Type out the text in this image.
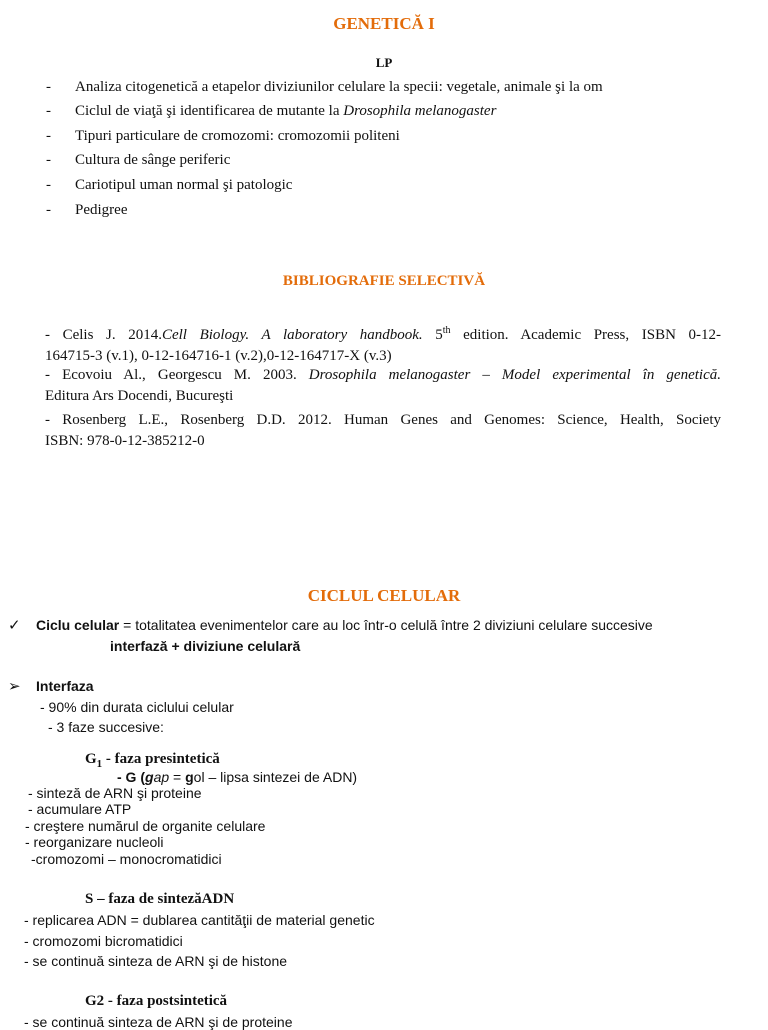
GENETICĂ I
LP
- Analiza citogenetică a etapelor diviziunilor celulare la specii: vegetale, animale şi la om
- Ciclul de viaţă şi identificarea de mutante la Drosophila melanogaster
- Tipuri particulare de cromozomi: cromozomii politeni
- Cultura de sânge periferic
- Cariotipul uman normal şi patologic
- Pedigree
BIBLIOGRAFIE SELECTIVĂ
- Celis J. 2014.Cell Biology. A laboratory handbook. 5th edition. Academic Press, ISBN 0-12-
164715-3 (v.1), 0-12-164716-1 (v.2),0-12-164717-X (v.3)
- Ecovoiu Al., Georgescu M. 2003. Drosophila melanogaster – Model experimental în genetică.
Editura Ars Docendi, Bucureşti
- Rosenberg L.E., Rosenberg D.D. 2012. Human Genes and Genomes: Science, Health, Society
ISBN: 978-0-12-385212-0
CICLUL CELULAR
✓ Ciclu celular = totalitatea evenimentelor care au loc într-o celulă între 2 diviziuni celulare succesive
interfază + diviziune celulară
➢ Interfaza
- 90% din durata ciclului celular
- 3 faze succesive:
$G_1$ - faza presintetică
- G (gap = gol – lipsa sintezei de ADN)
- sinteză de ARN şi proteine
- acumulare ATP
- creştere numărul de organite celulare
- reorganizare nucleoli
-cromozomi – monocromatidici
S – faza de sintezăADN
- replicarea ADN = dublarea cantităţii de material genetic
- cromozomi bicromatidici
- se continuă sinteza de ARN şi de histone
G2 - faza postsintetică
- se continuă sinteza de ARN şi de proteine
